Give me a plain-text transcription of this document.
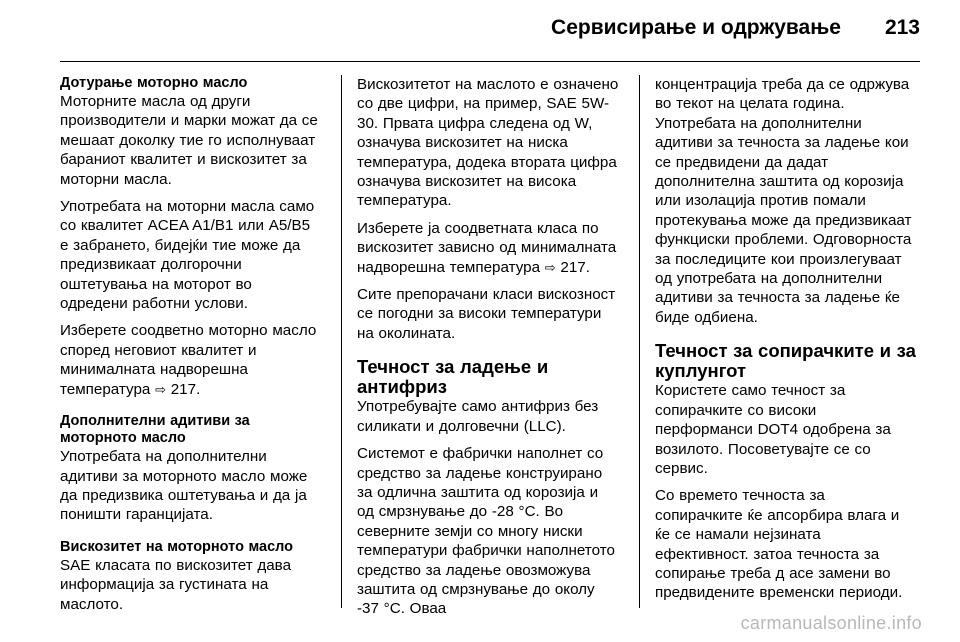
Сервисирање и одржување 213
Дотурање моторно масло

Моторните масла од други производители и марки можат да се мешаат доколку тие го исполнуваат бараниот квалитет и вискозитет за моторни масла.

Употребата на моторни масла само со квалитет ACEA A1/B1 или A5/B5 е забрането, бидејќи тие може да предизвикаат долгорочни оштетувања на моторот во одредени работни услови.

Изберете соодветно моторно масло според неговиот квалитет и минималната надворешна температура ⇨ 217.

Дополнителни адитиви за
моторното масло

Употребата на дополнителни адитиви за моторното масло може да предизвика оштетувања и да ја поништи гаранцијата.

Вискозитет на моторното масло

SAE класата по вискозитет дава информација за густината на маслото.

Вискозитетот на маслото е означено со две цифри, на пример, SAE 5W-30. Првата цифра следена од W, означува вискозитет на ниска температура, додека втората цифра означува вискозитет на висока температура.

Изберете ја соодветната класа по вискозитет зависно од минималната надворешна температура ⇨ 217.

Сите препорачани класи вискозност се погодни за високи температури на околината.

Течност за ладење и
антифриз

Употребувајте само антифриз без силикати и долговечни (LLC).

Системот е фабрички наполнет со средство за ладење конструирано за одлична заштита од корозија и од смрзнување до -28 °C. Во северните земји со многу ниски температури фабрички наполнетото средство за ладење овозможува заштита од смрзнување до околу -37 °C. Оваа

концентрација треба да се одржува во текот на целата година. Употребата на дополнителни адитиви за течноста за ладење кои се предвидени да дадат дополнителна заштита од корозија или изолација против помали протекувања може да предизвикаат функциски проблеми. Одговорноста за последиците кои произлегуваат од употребата на дополнителни адитиви за течноста за ладење ќе биде одбиена.

Течност за сопирачките и за
куплунгот

Користете само течност за сопирачките со високи перформанси DOT4 одобрена за возилото. Посоветувајте се со сервис.

Со времето течноста за сопирачките ќе апсорбира влага и ќе се намали нејзината ефективност. затоа течноста за сопирање треба д асе замени во предвидените временски периоди.

carmanualsonline.info
